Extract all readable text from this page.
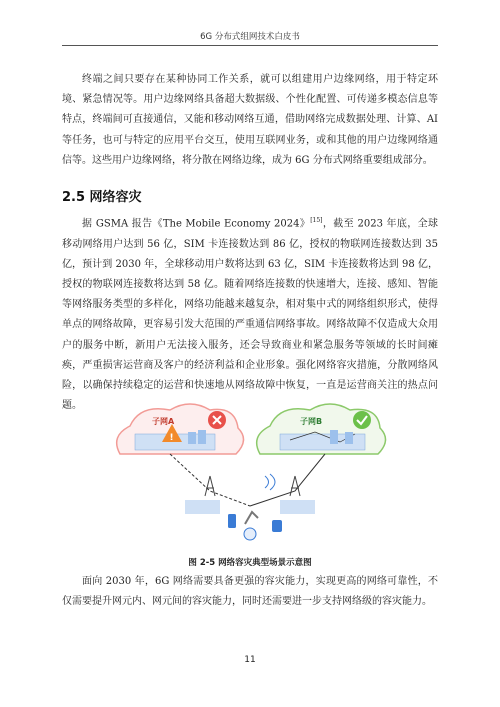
6G 分布式组网技术白皮书
终端之间只要存在某种协同工作关系，就可以组建用户边缘网络，用于特定环境、紧急情况等。用户边缘网络具备超大数据级、个性化配置、可传递多模态信息等特点，终端间可直接通信，又能和移动网络互通，借助网络完成数据处理、计算、AI 等任务，也可与特定的应用平台交互，使用互联网业务，或和其他的用户边缘网络通信等。这些用户边缘网络，将分散在网络边缘，成为 6G 分布式网络重要组成部分。
2.5 网络容灾
据 GSMA 报告《The Mobile Economy 2024》[15]，截至 2023 年底，全球移动网络用户达到 56 亿，SIM 卡连接数达到 86 亿，授权的物联网连接数达到 35 亿，预计到 2030 年，全球移动用户数将达到 63 亿，SIM 卡连接数将达到 98 亿，授权的物联网连接数将达到 58 亿。随着网络连接数的快速增大，连接、感知、智能等网络服务类型的多样化，网络功能越来越复杂，相对集中式的网络组织形式，使得单点的网络故障，更容易引发大范围的严重通信网络事故。网络故障不仅造成大众用户的服务中断，新用户无法接入服务，还会导致商业和紧急服务等领域的长时间瘫痪，严重损害运营商及客户的经济利益和企业形象。强化网络容灾措施，分散网络风险，以确保持续稳定的运营和快速地从网络故障中恢复，一直是运营商关注的热点问题。
子网A
!
子网B
图 2-5 网络容灾典型场景示意图
面向 2030 年，6G 网络需要具备更强的容灾能力，实现更高的网络可靠性，不仅需要提升网元内、网元间的容灾能力，同时还需要进一步支持网络级的容灾能力。
11
